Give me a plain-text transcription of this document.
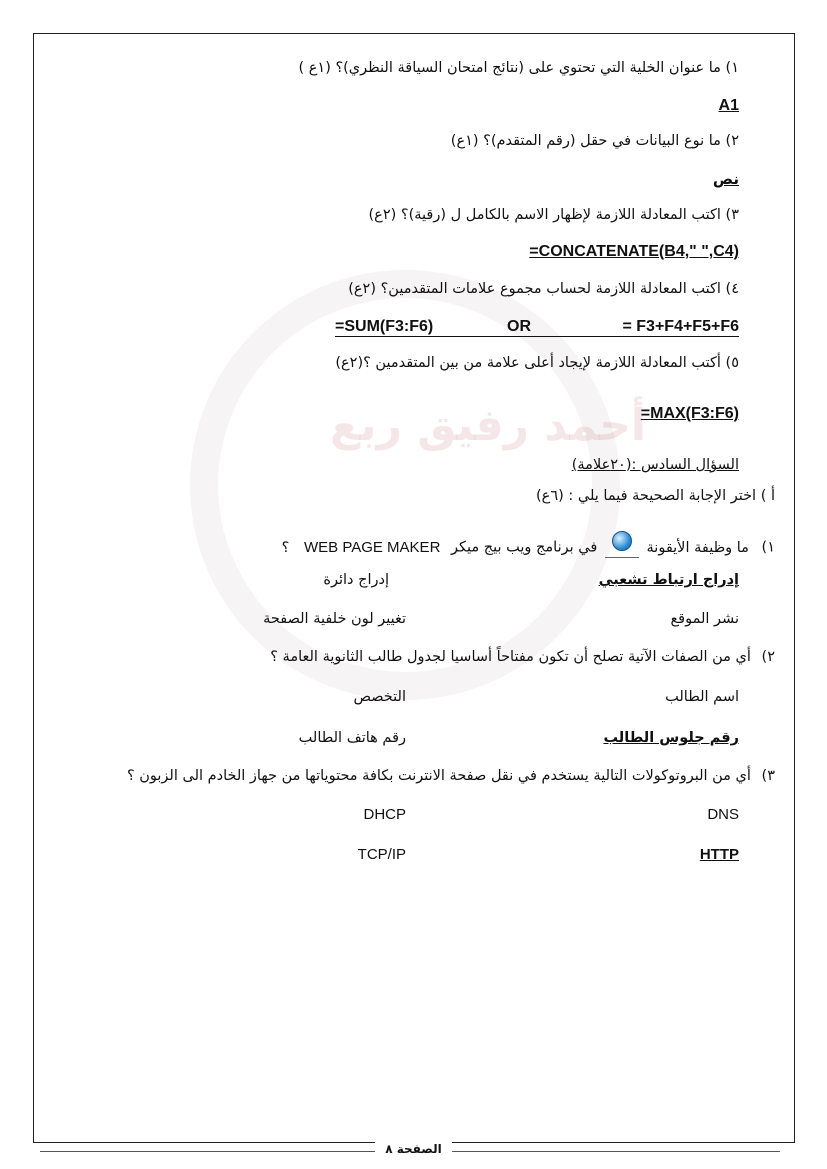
أحمد رفيق ربع
١) ما عنوان الخلية التي تحتوي على (نتائج امتحان السياقة النظري)؟ (١ع )
A1
٢) ما نوع البيانات في حقل (رقم المتقدم)؟ (١ع)
نص
٣) اكتب المعادلة اللازمة لإظهار الاسم بالكامل ل (رقية)؟ (٢ع)
=CONCATENATE(B4," ",C4)
٤) اكتب المعادلة اللازمة لحساب مجموع علامات المتقدمين؟ (٢ع)
=SUM(F3:F6)	OR	= F3+F4+F5+F6
٥) أكتب المعادلة اللازمة لإيجاد أعلى علامة من بين المتقدمين ؟(٢ع)
=MAX(F3:F6)
السؤال السادس :(٢٠علامة)
أ ) اختر الإجابة الصحيحة فيما يلي : (٦ع)
١) ما وظيفة الأيقونة
في برنامج ويب بيج ميكر WEB PAGE MAKER ؟
إدراج ارتباط تشعبي
إدراج دائرة
نشر الموقع
تغيير لون خلفية الصفحة
٢) أي من الصفات الآتية تصلح أن تكون مفتاحاً أساسيا لجدول طالب الثانوية العامة ؟
اسم الطالب
التخصص
رقم جلوس الطالب
رقم هاتف الطالب
٣) أي من البروتوكولات التالية يستخدم في نقل صفحة الانترنت بكافة محتوياتها من جهاز الخادم الى الزبون ؟
DNS
DHCP
HTTP
TCP/IP
الصفحة ٨
